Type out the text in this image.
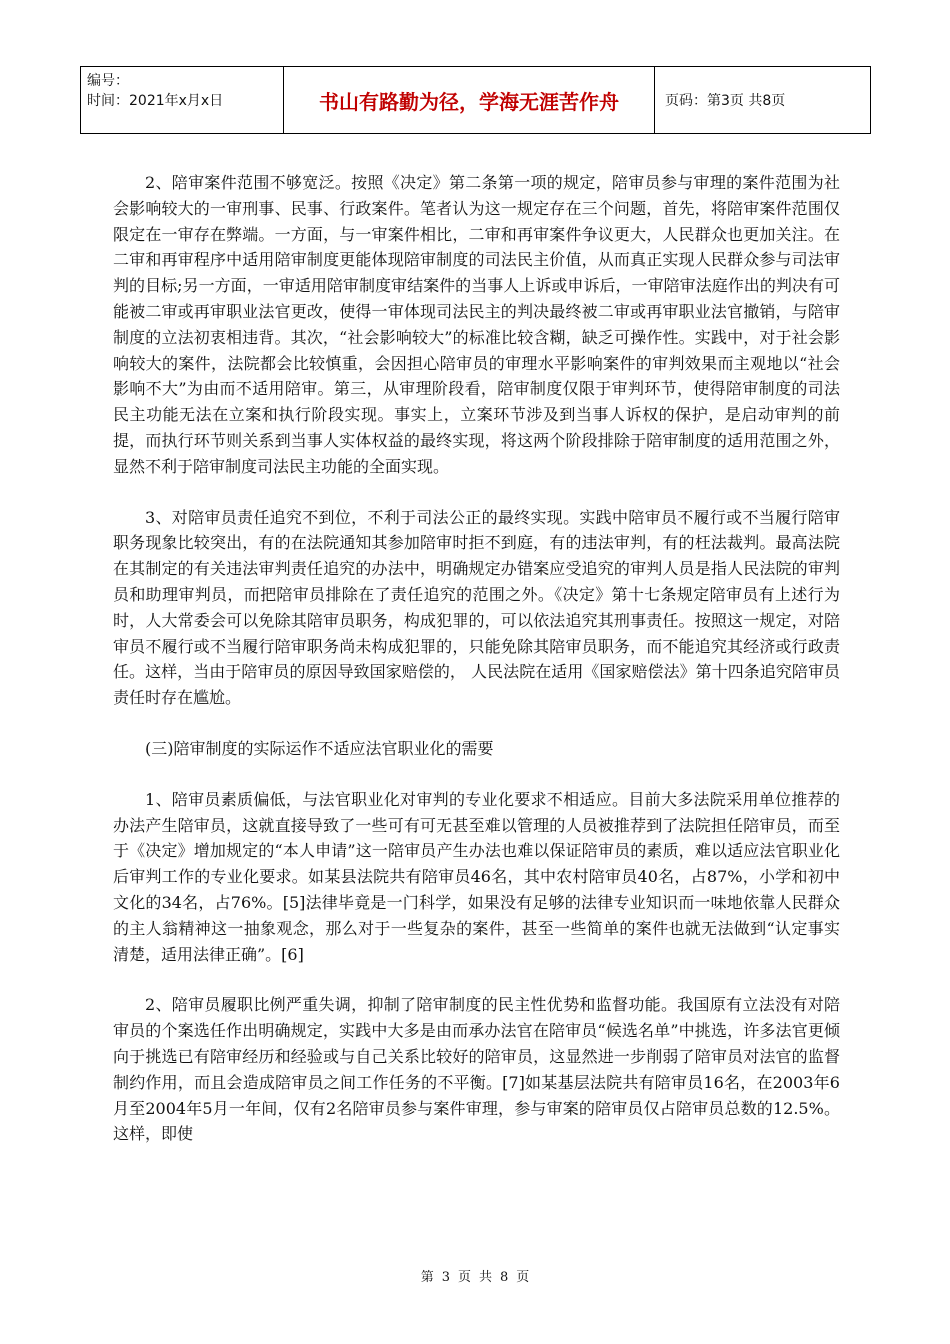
编号：
时间：2021年x月x日	书山有路勤为径，学海无涯苦作舟	页码：第3页 共8页

2、陪审案件范围不够宽泛。按照《决定》第二条第一项的规定，陪审员参与审理的案件范围为社会影响较大的一审刑事、民事、行政案件。笔者认为这一规定存在三个问题，首先，将陪审案件范围仅限定在一审存在弊端。一方面，与一审案件相比，二审和再审案件争议更大，人民群众也更加关注。在二审和再审程序中适用陪审制度更能体现陪审制度的司法民主价值，从而真正实现人民群众参与司法审判的目标;另一方面，一审适用陪审制度审结案件的当事人上诉或申诉后，一审陪审法庭作出的判决有可能被二审或再审职业法官更改，使得一审体现司法民主的判决最终被二审或再审职业法官撤销，与陪审制度的立法初衷相违背。其次，“社会影响较大”的标准比较含糊，缺乏可操作性。实践中，对于社会影响较大的案件，法院都会比较慎重，会因担心陪审员的审理水平影响案件的审判效果而主观地以“社会影响不大”为由而不适用陪审。第三，从审理阶段看，陪审制度仅限于审判环节，使得陪审制度的司法民主功能无法在立案和执行阶段实现。事实上，立案环节涉及到当事人诉权的保护，是启动审判的前提，而执行环节则关系到当事人实体权益的最终实现，将这两个阶段排除于陪审制度的适用范围之外，显然不利于陪审制度司法民主功能的全面实现。

3、对陪审员责任追究不到位，不利于司法公正的最终实现。实践中陪审员不履行或不当履行陪审职务现象比较突出，有的在法院通知其参加陪审时拒不到庭，有的违法审判，有的枉法裁判。最高法院在其制定的有关违法审判责任追究的办法中，明确规定办错案应受追究的审判人员是指人民法院的审判员和助理审判员，而把陪审员排除在了责任追究的范围之外。《决定》第十七条规定陪审员有上述行为时，人大常委会可以免除其陪审员职务，构成犯罪的，可以依法追究其刑事责任。按照这一规定，对陪审员不履行或不当履行陪审职务尚未构成犯罪的，只能免除其陪审员职务，而不能追究其经济或行政责任。这样，当由于陪审员的原因导致国家赔偿的， 人民法院在适用《国家赔偿法》第十四条追究陪审员责任时存在尴尬。

(三)陪审制度的实际运作不适应法官职业化的需要

1、陪审员素质偏低，与法官职业化对审判的专业化要求不相适应。目前大多法院采用单位推荐的办法产生陪审员，这就直接导致了一些可有可无甚至难以管理的人员被推荐到了法院担任陪审员，而至于《决定》增加规定的“本人申请”这一陪审员产生办法也难以保证陪审员的素质，难以适应法官职业化后审判工作的专业化要求。如某县法院共有陪审员46名，其中农村陪审员40名，占87%，小学和初中文化的34名，占76%。[5]法律毕竟是一门科学，如果没有足够的法律专业知识而一味地依靠人民群众的主人翁精神这一抽象观念，那么对于一些复杂的案件，甚至一些简单的案件也就无法做到“认定事实清楚，适用法律正确”。[6]

2、陪审员履职比例严重失调，抑制了陪审制度的民主性优势和监督功能。我国原有立法没有对陪审员的个案选任作出明确规定，实践中大多是由而承办法官在陪审员“候选名单”中挑选，许多法官更倾向于挑选已有陪审经历和经验或与自己关系比较好的陪审员，这显然进一步削弱了陪审员对法官的监督制约作用，而且会造成陪审员之间工作任务的不平衡。[7]如某基层法院共有陪审员16名，在2003年6月至2004年5月一年间，仅有2名陪审员参与案件审理，参与审案的陪审员仅占陪审员总数的12.5%。这样，即使

第 3 页 共 8 页
